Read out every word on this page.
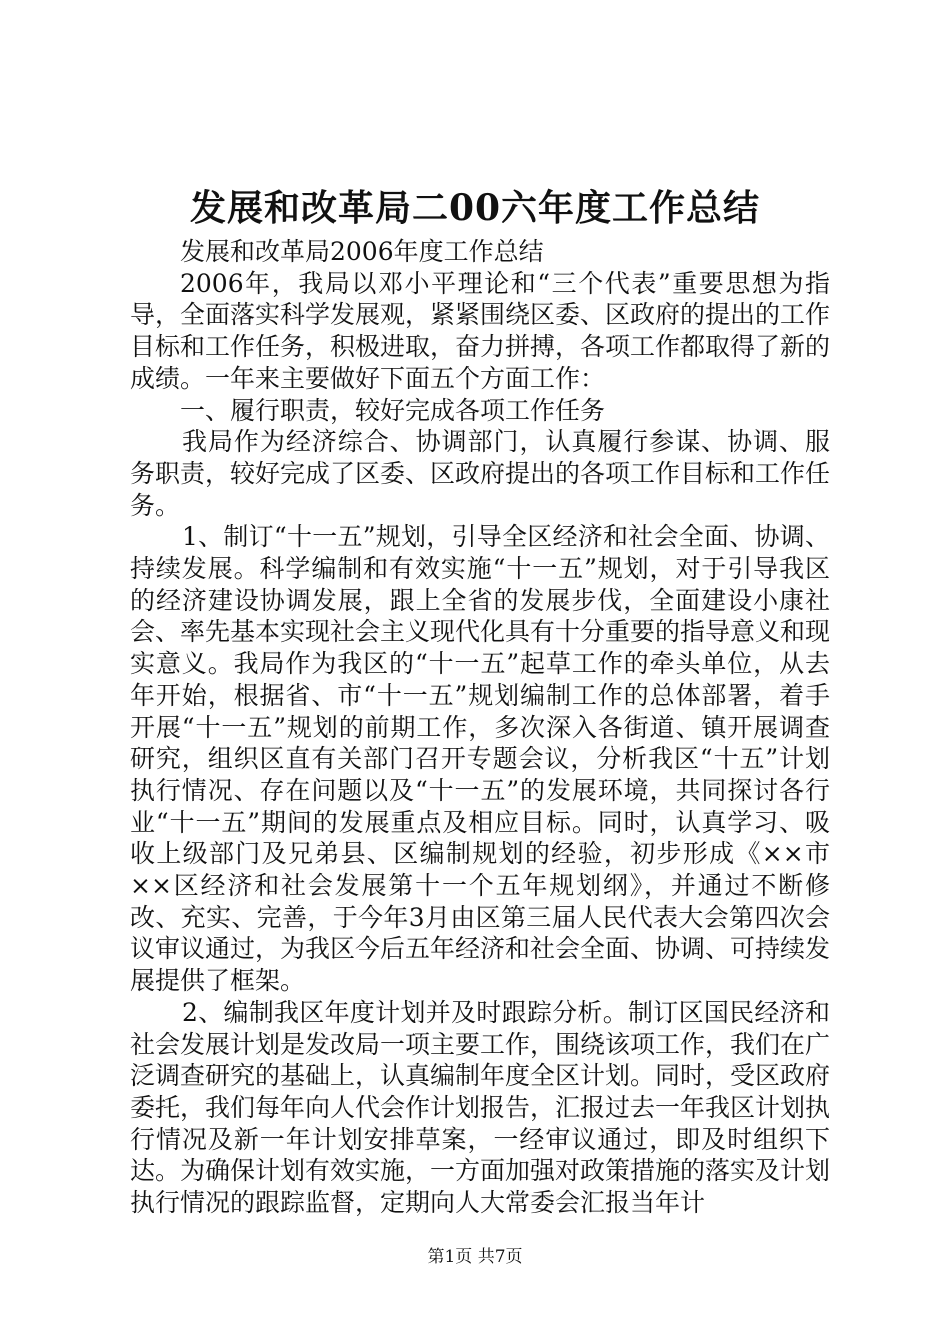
发展和改革局二00六年度工作总结

发展和改革局2006年度工作总结

2006年，我局以邓小平理论和“三个代表”重要思想为指导，全面落实科学发展观，紧紧围绕区委、区政府的提出的工作目标和工作任务，积极进取，奋力拼搏，各项工作都取得了新的成绩。一年来主要做好下面五个方面工作：

一、履行职责，较好完成各项工作任务

我局作为经济综合、协调部门，认真履行参谋、协调、服务职责，较好完成了区委、区政府提出的各项工作目标和工作任务。

1、制订“十一五”规划，引导全区经济和社会全面、协调、持续发展。科学编制和有效实施“十一五”规划，对于引导我区的经济建设协调发展，跟上全省的发展步伐，全面建设小康社会、率先基本实现社会主义现代化具有十分重要的指导意义和现实意义。我局作为我区的“十一五”起草工作的牵头单位，从去年开始，根据省、市“十一五”规划编制工作的总体部署，着手开展“十一五”规划的前期工作，多次深入各街道、镇开展调查研究，组织区直有关部门召开专题会议，分析我区“十五”计划执行情况、存在问题以及“十一五”的发展环境，共同探讨各行业“十一五”期间的发展重点及相应目标。同时，认真学习、吸收上级部门及兄弟县、区编制规划的经验，初步形成《××市××区经济和社会发展第十一个五年规划纲》，并通过不断修改、充实、完善，于今年3月由区第三届人民代表大会第四次会议审议通过，为我区今后五年经济和社会全面、协调、可持续发展提供了框架。

2、编制我区年度计划并及时跟踪分析。制订区国民经济和社会发展计划是发改局一项主要工作，围绕该项工作，我们在广泛调查研究的基础上，认真编制年度全区计划。同时，受区政府委托，我们每年向人代会作计划报告，汇报过去一年我区计划执行情况及新一年计划安排草案，一经审议通过，即及时组织下达。为确保计划有效实施，一方面加强对政策措施的落实及计划执行情况的跟踪监督，定期向人大常委会汇报当年计

第1页 共7页
